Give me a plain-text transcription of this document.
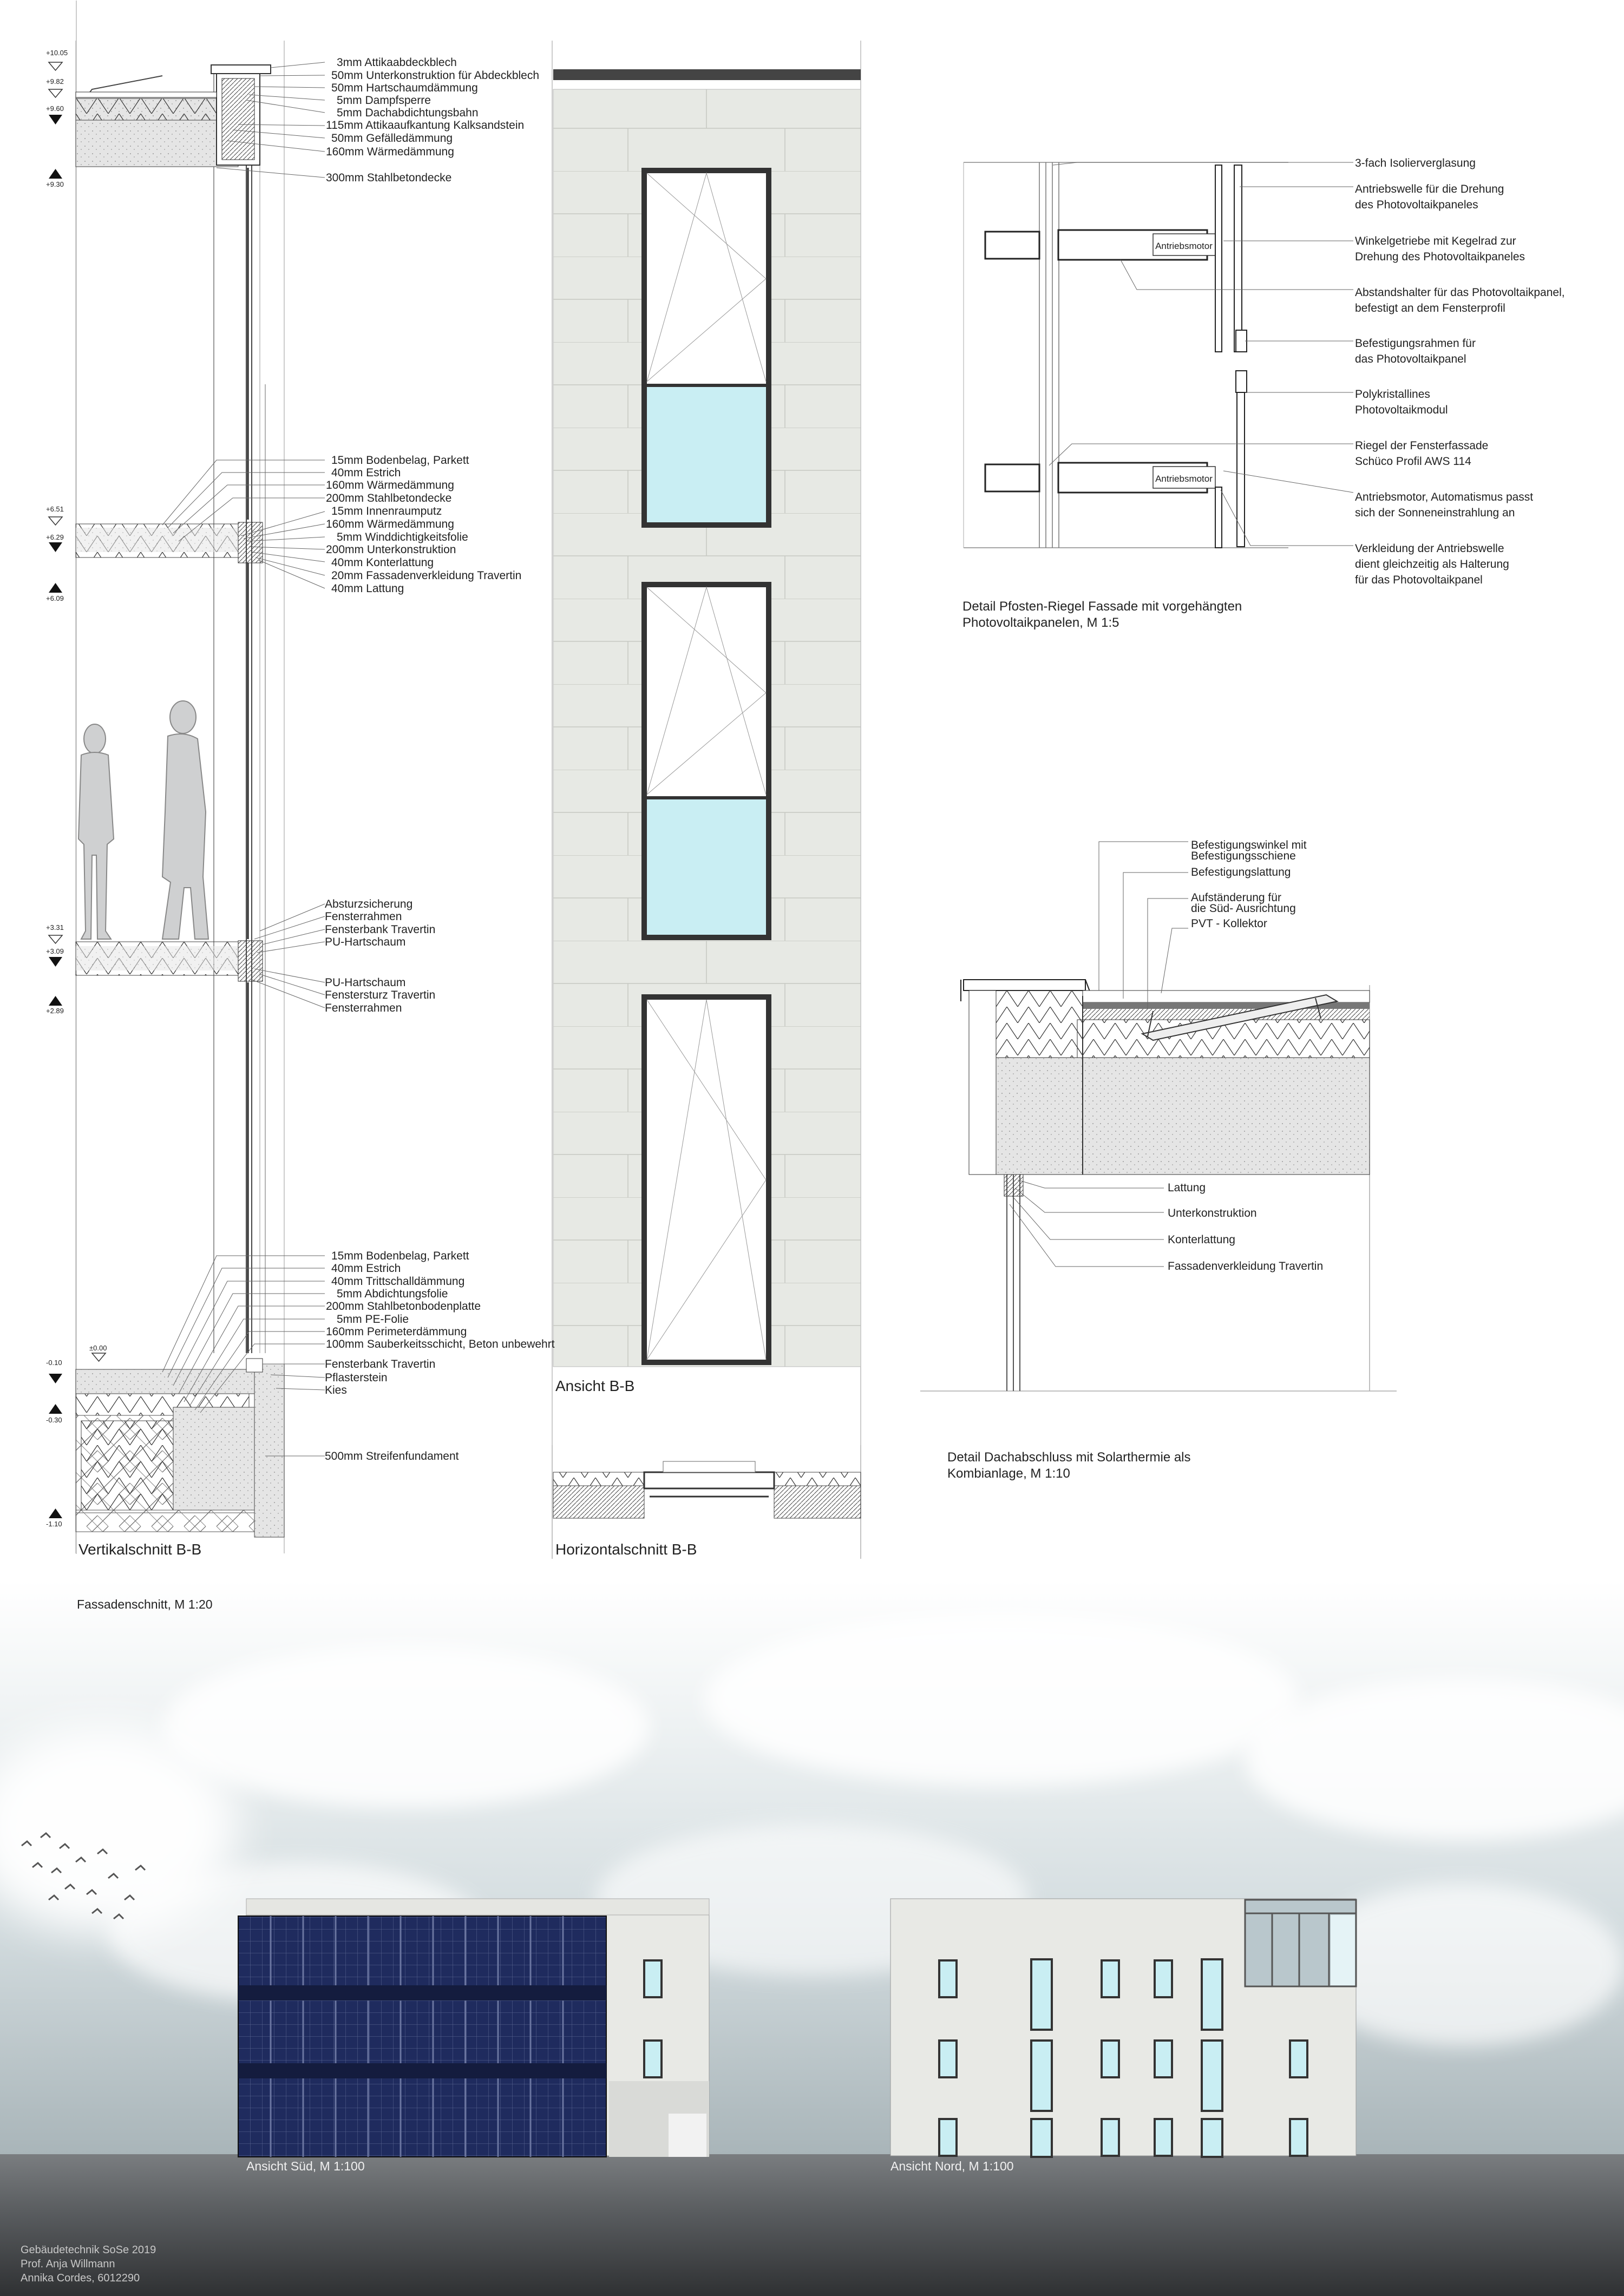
+10.05
+9.82
+9.60
+9.30
+6.51
+6.29
+6.09
+3.31
+3.09
+2.89
±0.00
-0.10
-0.30
-1.10
3mm Attikaabdeckblech
50mm Unterkonstruktion für Abdeckblech
50mm Hartschaumdämmung
5mm Dampfsperre
5mm Dachabdichtungsbahn
115mm Attikaaufkantung Kalksandstein
50mm Gefälledämmung
160mm Wärmedämmung
300mm Stahlbetondecke
15mm Bodenbelag, Parkett
40mm Estrich
160mm Wärmedämmung
200mm Stahlbetondecke
15mm Innenraumputz
160mm Wärmedämmung
5mm Winddichtigkeitsfolie
200mm Unterkonstruktion
40mm Konterlattung
20mm Fassadenverkleidung Travertin
40mm Lattung
Absturzsicherung
Fensterrahmen
Fensterbank Travertin
PU-Hartschaum
PU-Hartschaum
Fenstersturz Travertin
Fensterrahmen
15mm Bodenbelag, Parkett
40mm Estrich
40mm Trittschalldämmung
5mm Abdichtungsfolie
200mm Stahlbetonbodenplatte
5mm PE-Folie
160mm Perimeterdämmung
100mm Sauberkeitsschicht, Beton unbewehrt
Fensterbank Travertin
Pflasterstein
Kies
500mm Streifenfundament
Vertikalschnitt B-B
Fassadenschnitt, M 1:20
Ansicht B-B
Horizontalschnitt B-B
3-fach Isolierverglasung
Antriebswelle für die Drehung
des Photovoltaikpaneles
Winkelgetriebe mit Kegelrad zur
Drehung des Photovoltaikpaneles
Abstandshalter für das Photovoltaikpanel,
befestigt an dem Fensterprofil
Befestigungsrahmen für
das Photovoltaikpanel
Polykristallines
Photovoltaikmodul
Riegel der Fensterfassade
Schüco Profil AWS 114
Antriebsmotor, Automatismus passt
sich der Sonneneinstrahlung an
Verkleidung der Antriebswelle
dient gleichzeitig als Halterung
für das Photovoltaikpanel
Antriebsmotor
Antriebsmotor
Detail Pfosten-Riegel Fassade mit vorgehängten
Photovoltaikpanelen, M 1:5
Befestigungswinkel mit
Befestigungsschiene
Befestigungslattung
Aufständerung für
die Süd- Ausrichtung
PVT - Kollektor
Lattung
Unterkonstruktion
Konterlattung
Fassadenverkleidung Travertin
Detail Dachabschluss mit Solarthermie als
Kombianlage, M 1:10
Ansicht Süd, M 1:100	Ansicht Nord, M 1:100
Gebäudetechnik SoSe 2019
Prof. Anja Willmann
Annika Cordes, 6012290
